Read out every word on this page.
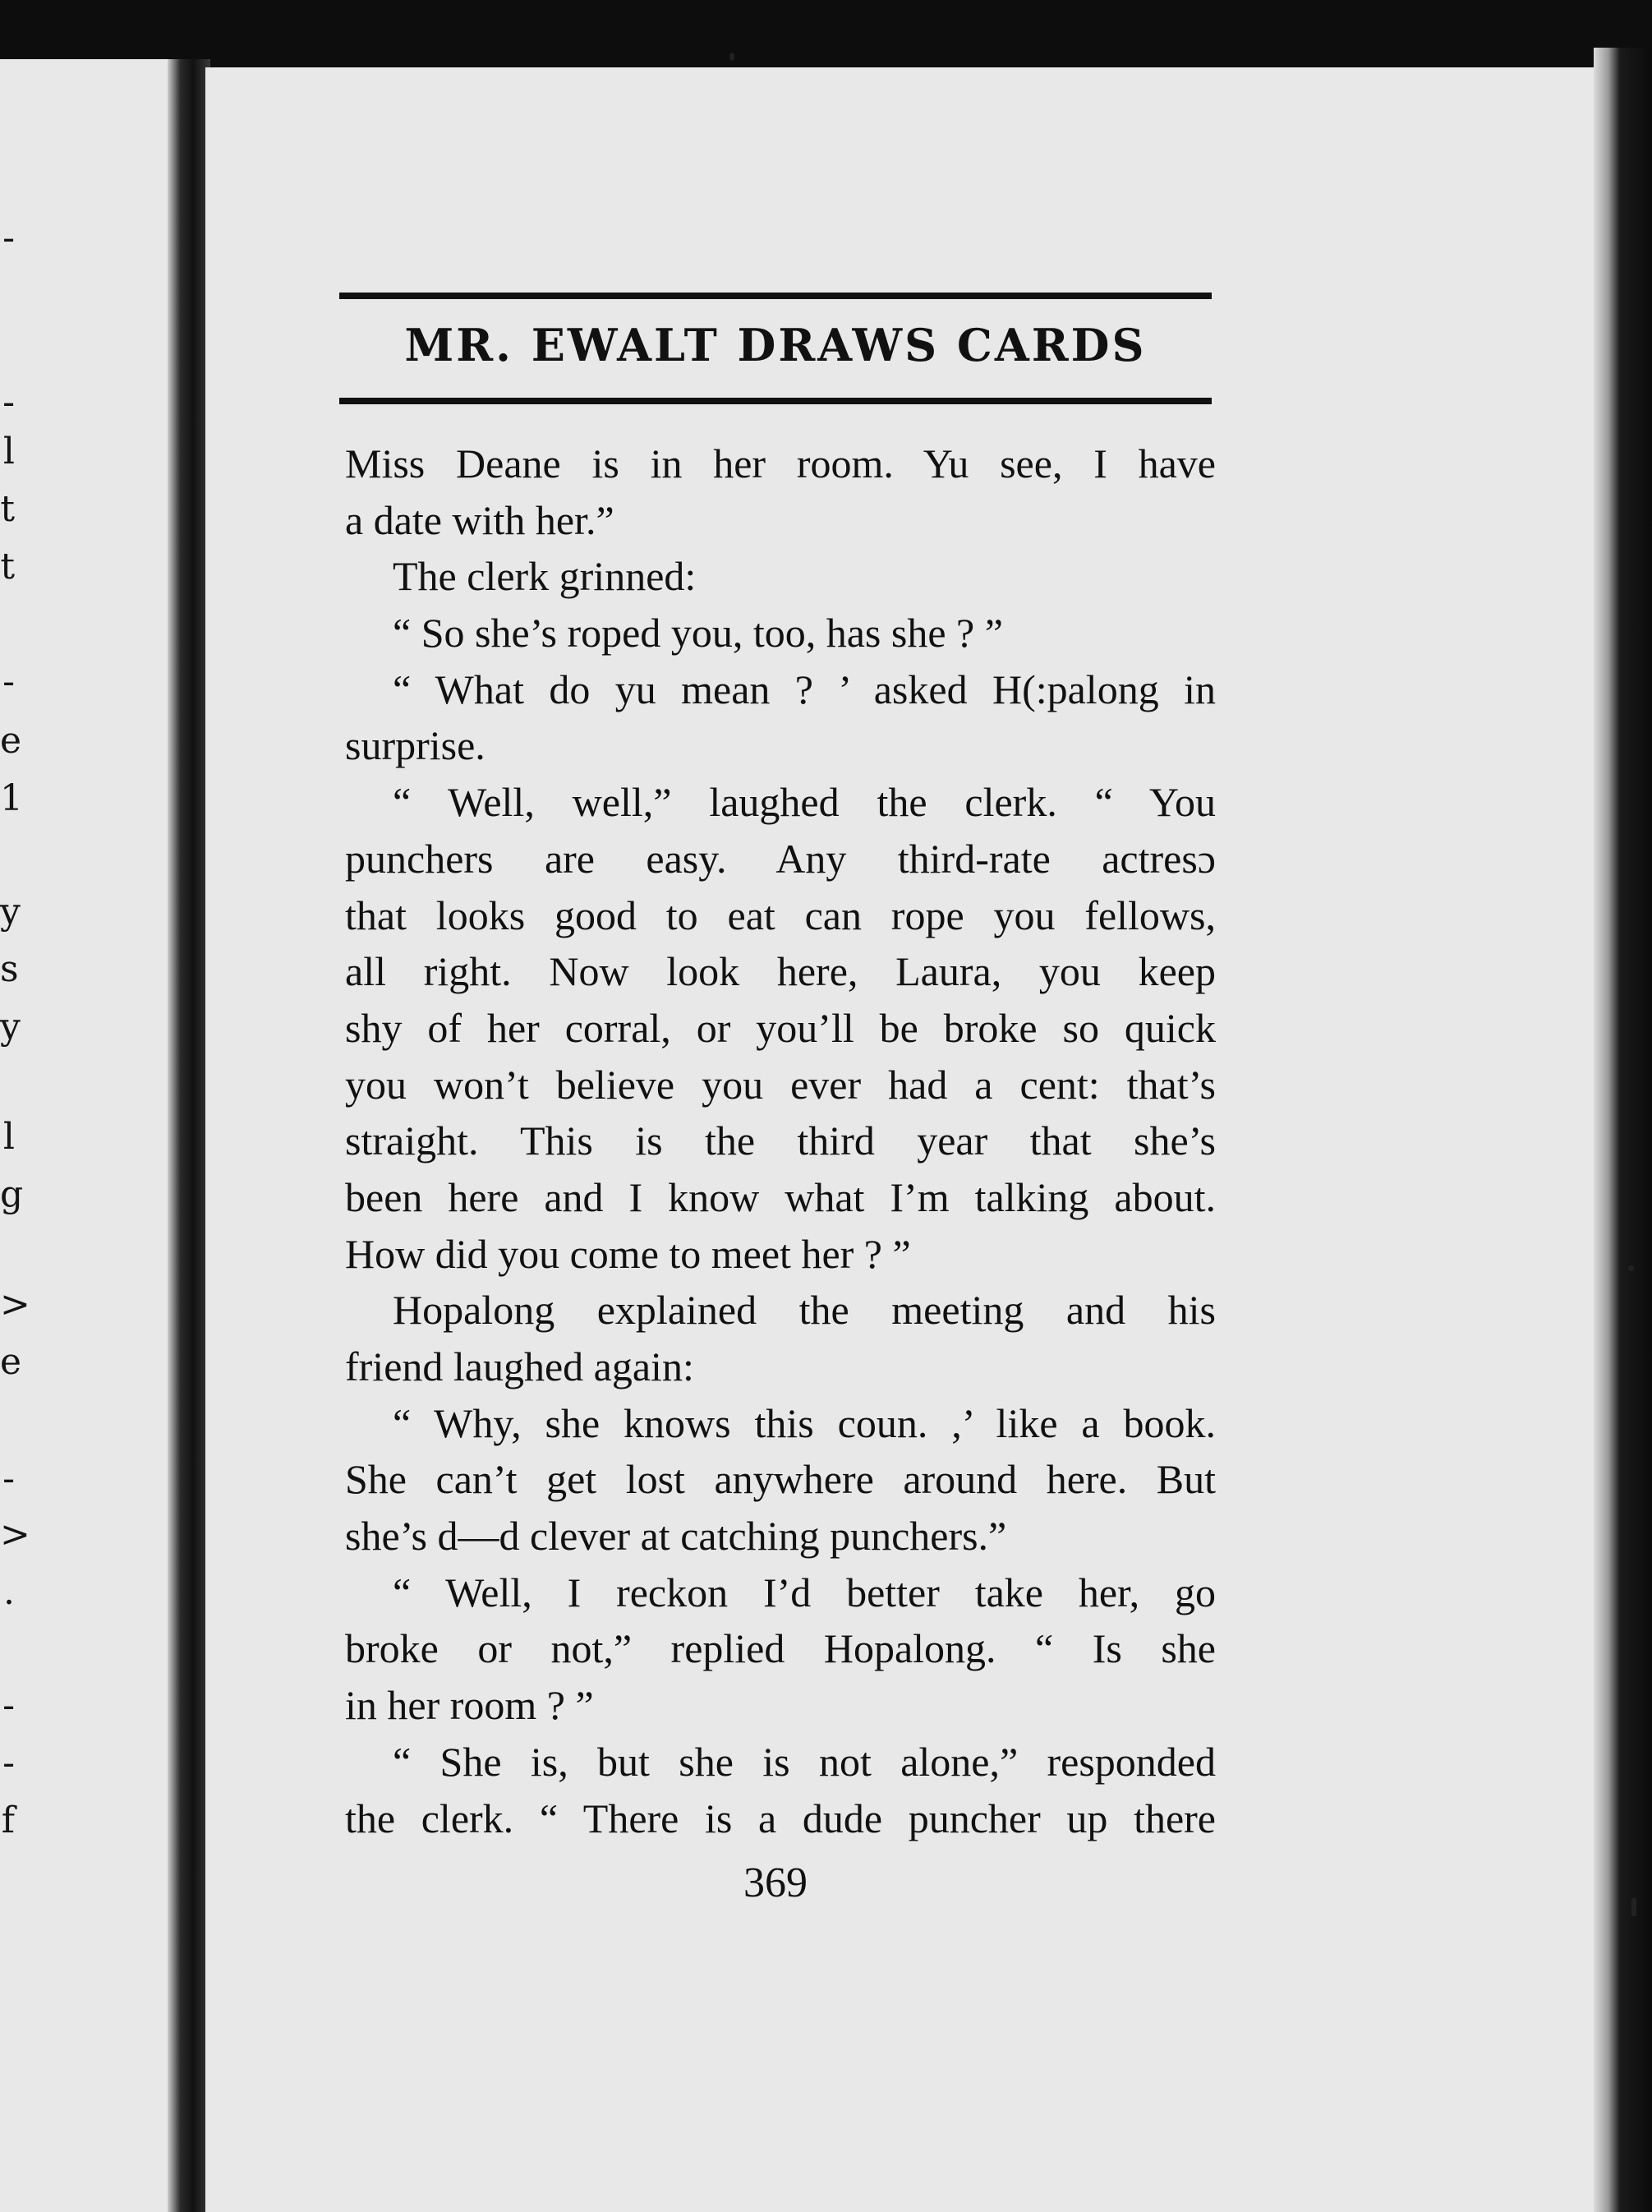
-
-
l
t
t
-
e
1
y
s
y
l
g
>
e
-
>
.
-
-
f
MR. EWALT DRAWS CARDS
Miss Deane is in her room. Yu see, I have
a date with her.”
The clerk grinned:
“ So she’s roped you, too, has she ? ”
“ What do yu mean ? ’ asked H(:palong in
surprise.
“ Well, well,” laughed the clerk. “ You
punchers are easy. Any third-rate actresɔ
that looks good to eat can rope you fellows,
all right. Now look here, Laura, you keep
shy of her corral, or you’ll be broke so quick
you won’t believe you ever had a cent: that’s
straight. This is the third year that she’s
been here and I know what I’m talking about.
How did you come to meet her ? ”
Hopalong explained the meeting and his
friend laughed again:
“ Why, she knows this coun. ,’ like a book.
She can’t get lost anywhere around here. But
she’s d—d clever at catching punchers.”
“ Well, I reckon I’d better take her, go
broke or not,” replied Hopalong. “ Is she
in her room ? ”
“ She is, but she is not alone,” responded
the clerk. “ There is a dude puncher up there
369
